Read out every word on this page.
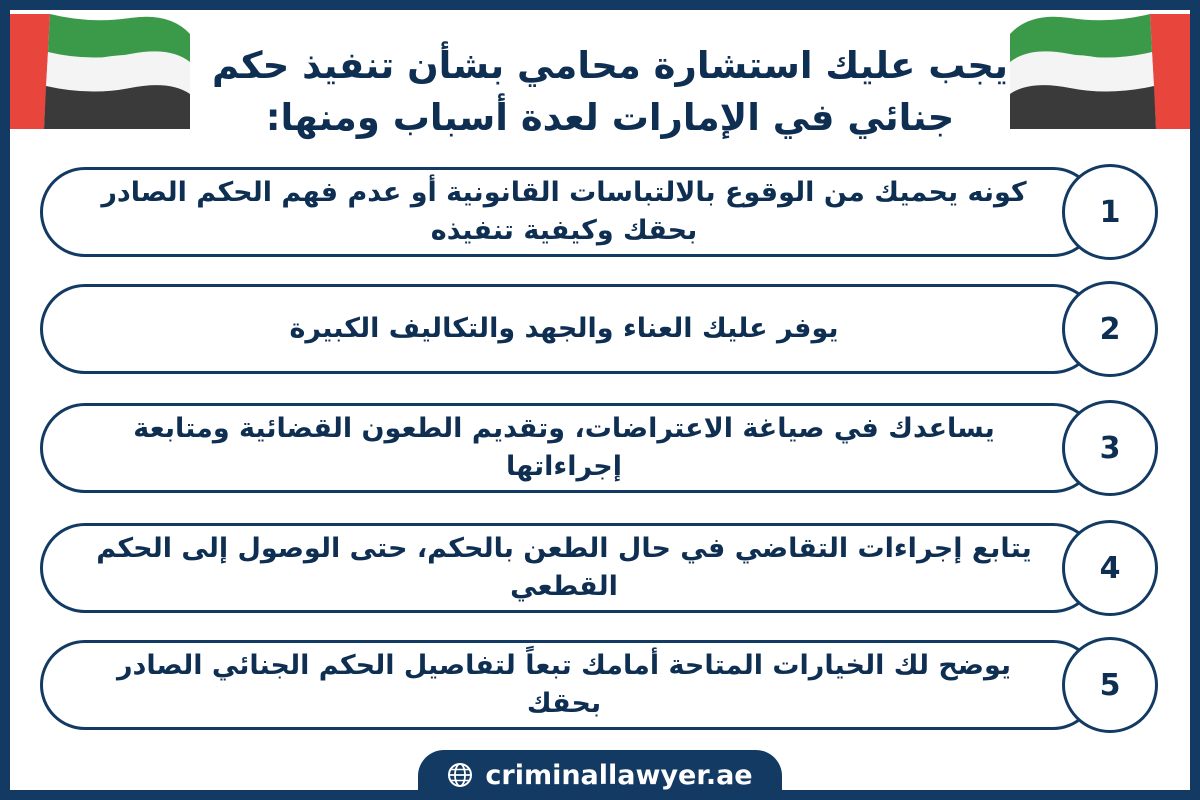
يجب عليك استشارة محامي بشأن تنفيذ حكم
جنائي في الإمارات لعدة أسباب ومنها:
كونه يحميك من الوقوع بالالتباسات القانونية أو عدم فهم الحكم الصادر بحقك وكيفية تنفيذه
1
يوفر عليك العناء والجهد والتكاليف الكبيرة	2
يساعدك في صياغة الاعتراضات، وتقديم الطعون القضائية ومتابعة إجراءاتها
3
يتابع إجراءات التقاضي في حال الطعن بالحكم، حتى الوصول إلى الحكم القطعي
4
يوضح لك الخيارات المتاحة أمامك تبعاً لتفاصيل الحكم الجنائي الصادر بحقك
5
criminallawyer.ae
